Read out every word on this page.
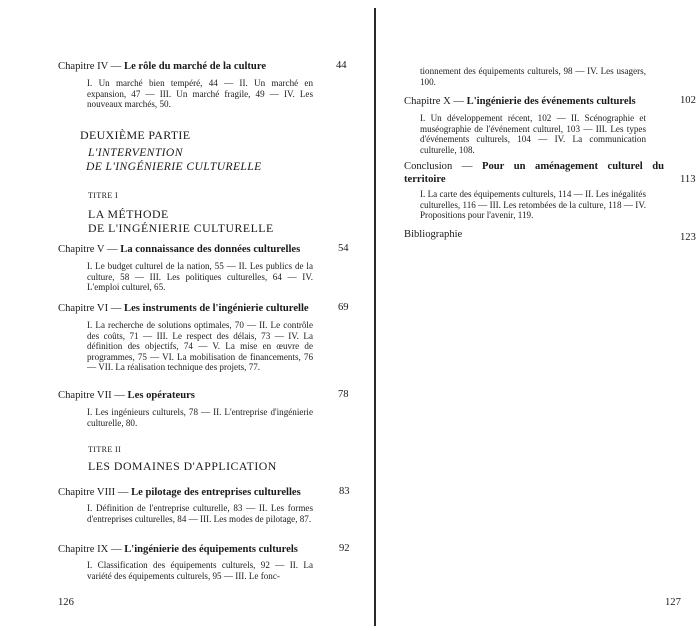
Chapitre IV — Le rôle du marché de la culture	44
I. Un marché bien tempéré, 44 — II. Un marché en expansion, 47 — III. Un marché fragile, 49 — IV. Les nouveaux marchés, 50.
DEUXIÈME PARTIE
L'INTERVENTION
DE L'INGÉNIERIE CULTURELLE
TITRE I
LA MÉTHODE
DE L'INGÉNIERIE CULTURELLE
Chapitre V — La connaissance des données culturelles	54
I. Le budget culturel de la nation, 55 — II. Les publics de la culture, 58 — III. Les politiques culturelles, 64 — IV. L'emploi culturel, 65.
Chapitre VI — Les instruments de l'ingénierie culturelle	69
I. La recherche de solutions optimales, 70 — II. Le contrôle des coûts, 71 — III. Le respect des délais, 73 — IV. La définition des objectifs, 74 — V. La mise en œuvre de programmes, 75 — VI. La mobilisation de financements, 76 — VII. La réalisation technique des projets, 77.
Chapitre VII — Les opérateurs	78
I. Les ingénieurs culturels, 78 — II. L'entreprise d'ingénierie culturelle, 80.
TITRE II
LES DOMAINES D'APPLICATION
Chapitre VIII — Le pilotage des entreprises culturelles	83
I. Définition de l'entreprise culturelle, 83 — II. Les formes d'entreprises culturelles, 84 — III. Les modes de pilotage, 87.
Chapitre IX — L'ingénierie des équipements culturels	92
I. Classification des équipements culturels, 92 — II. La variété des équipements culturels, 95 — III. Le fonc-
126
tionnement des équipements culturels, 98 — IV. Les usagers, 100.
Chapitre X — L'ingénierie des événements culturels	102
I. Un développement récent, 102 — II. Scénographie et muséographie de l'événement culturel, 103 — III. Les types d'événements culturels, 104 — IV. La communication culturelle, 108.
Conclusion — Pour un aménagement culturel du territoire	113
I. La carte des équipements culturels, 114 — II. Les inégalités culturelles, 116 — III. Les retombées de la culture, 118 — IV. Propositions pour l'avenir, 119.
Bibliographie	123
127
